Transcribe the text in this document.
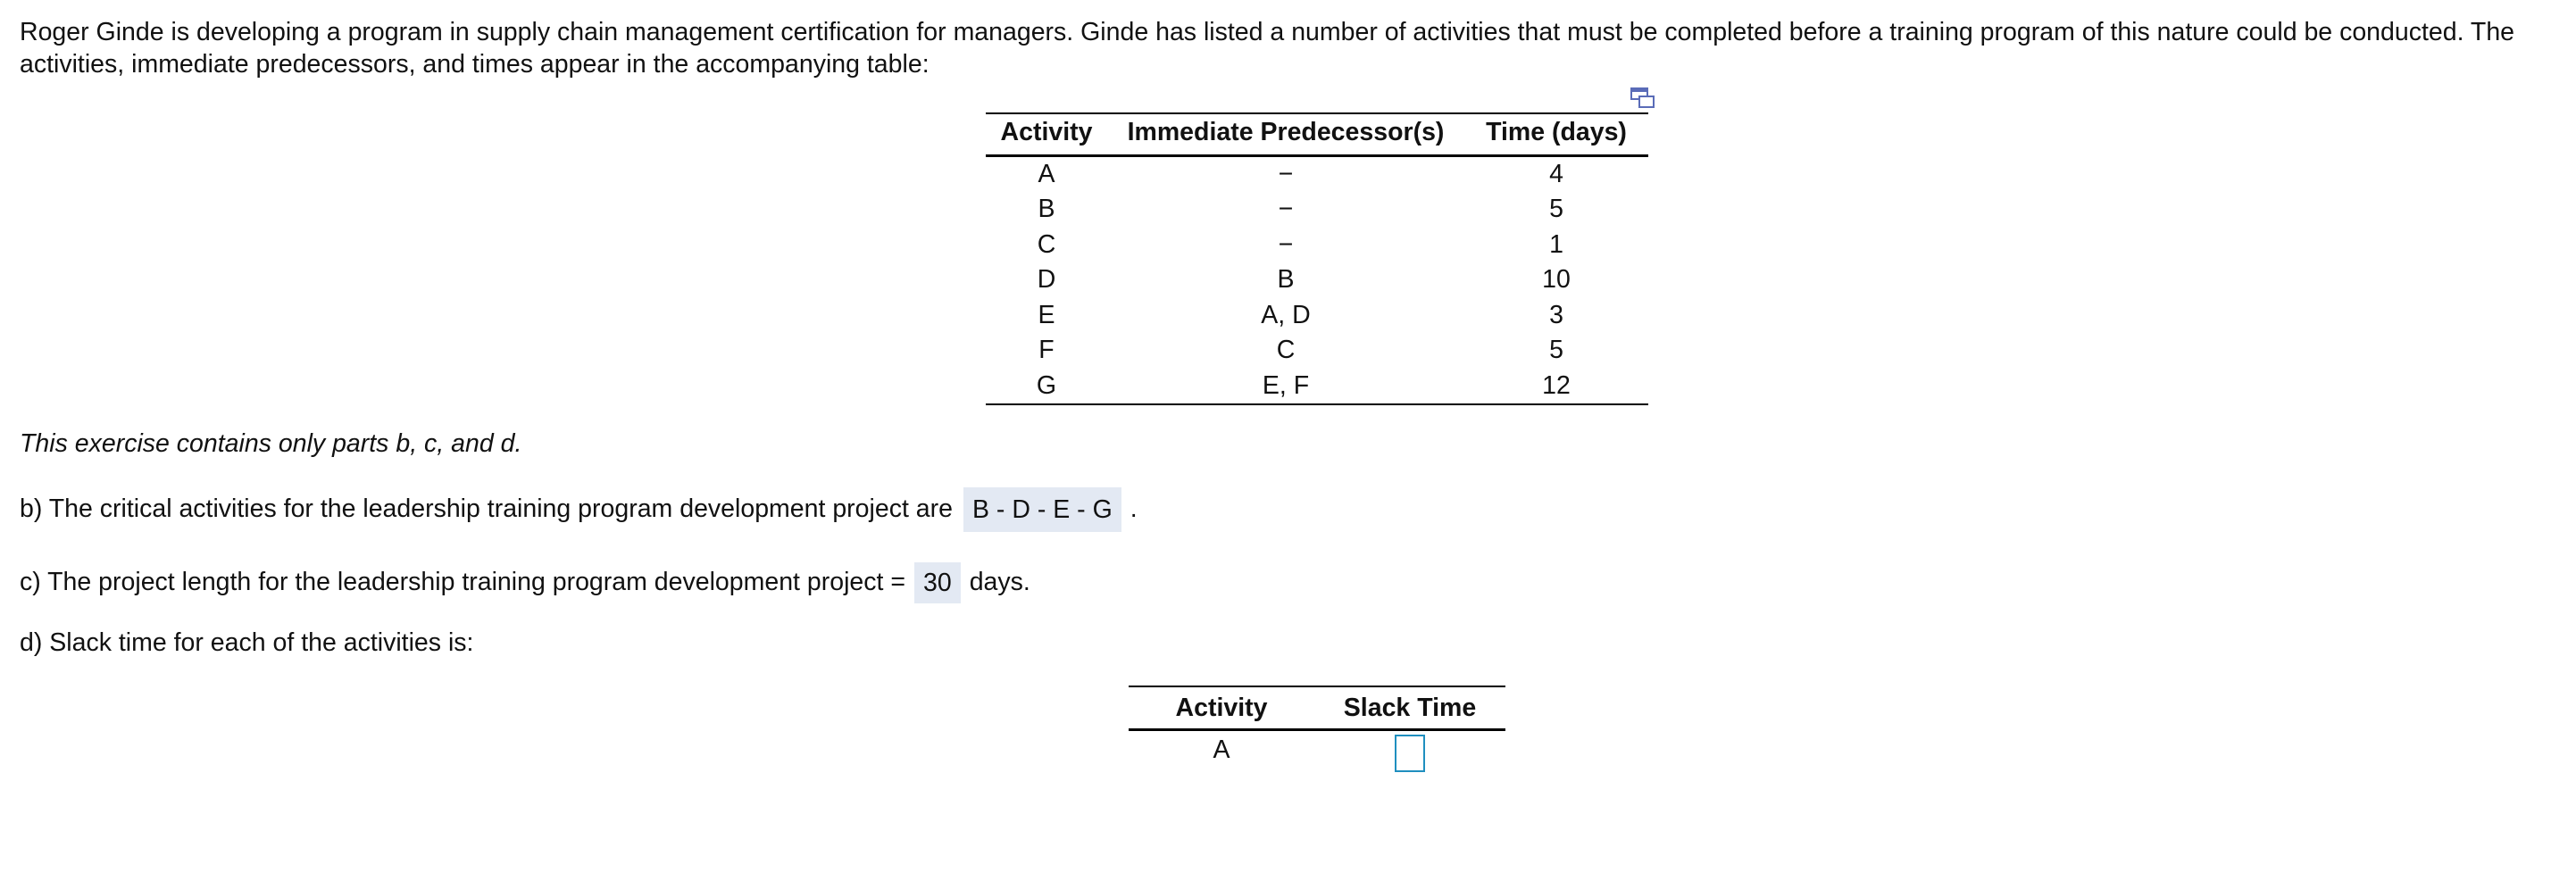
Roger Ginde is developing a program in supply chain management certification for managers. Ginde has listed a number of activities that must be completed before a training program of this nature could be conducted. The activities, immediate predecessors, and times appear in the accompanying table:

Activity	Immediate Predecessor(s)	Time (days)
A	−	4
B	−	5
C	−	1
D	B	10
E	A, D	3
F	C	5
G	E, F	12
This exercise contains only parts b, c, and d.
b) The critical activities for the leadership training program development project are B - D - E - G .
c) The project length for the leadership training program development project = 30 days.
d) Slack time for each of the activities is:
Activity	Slack Time
A	
